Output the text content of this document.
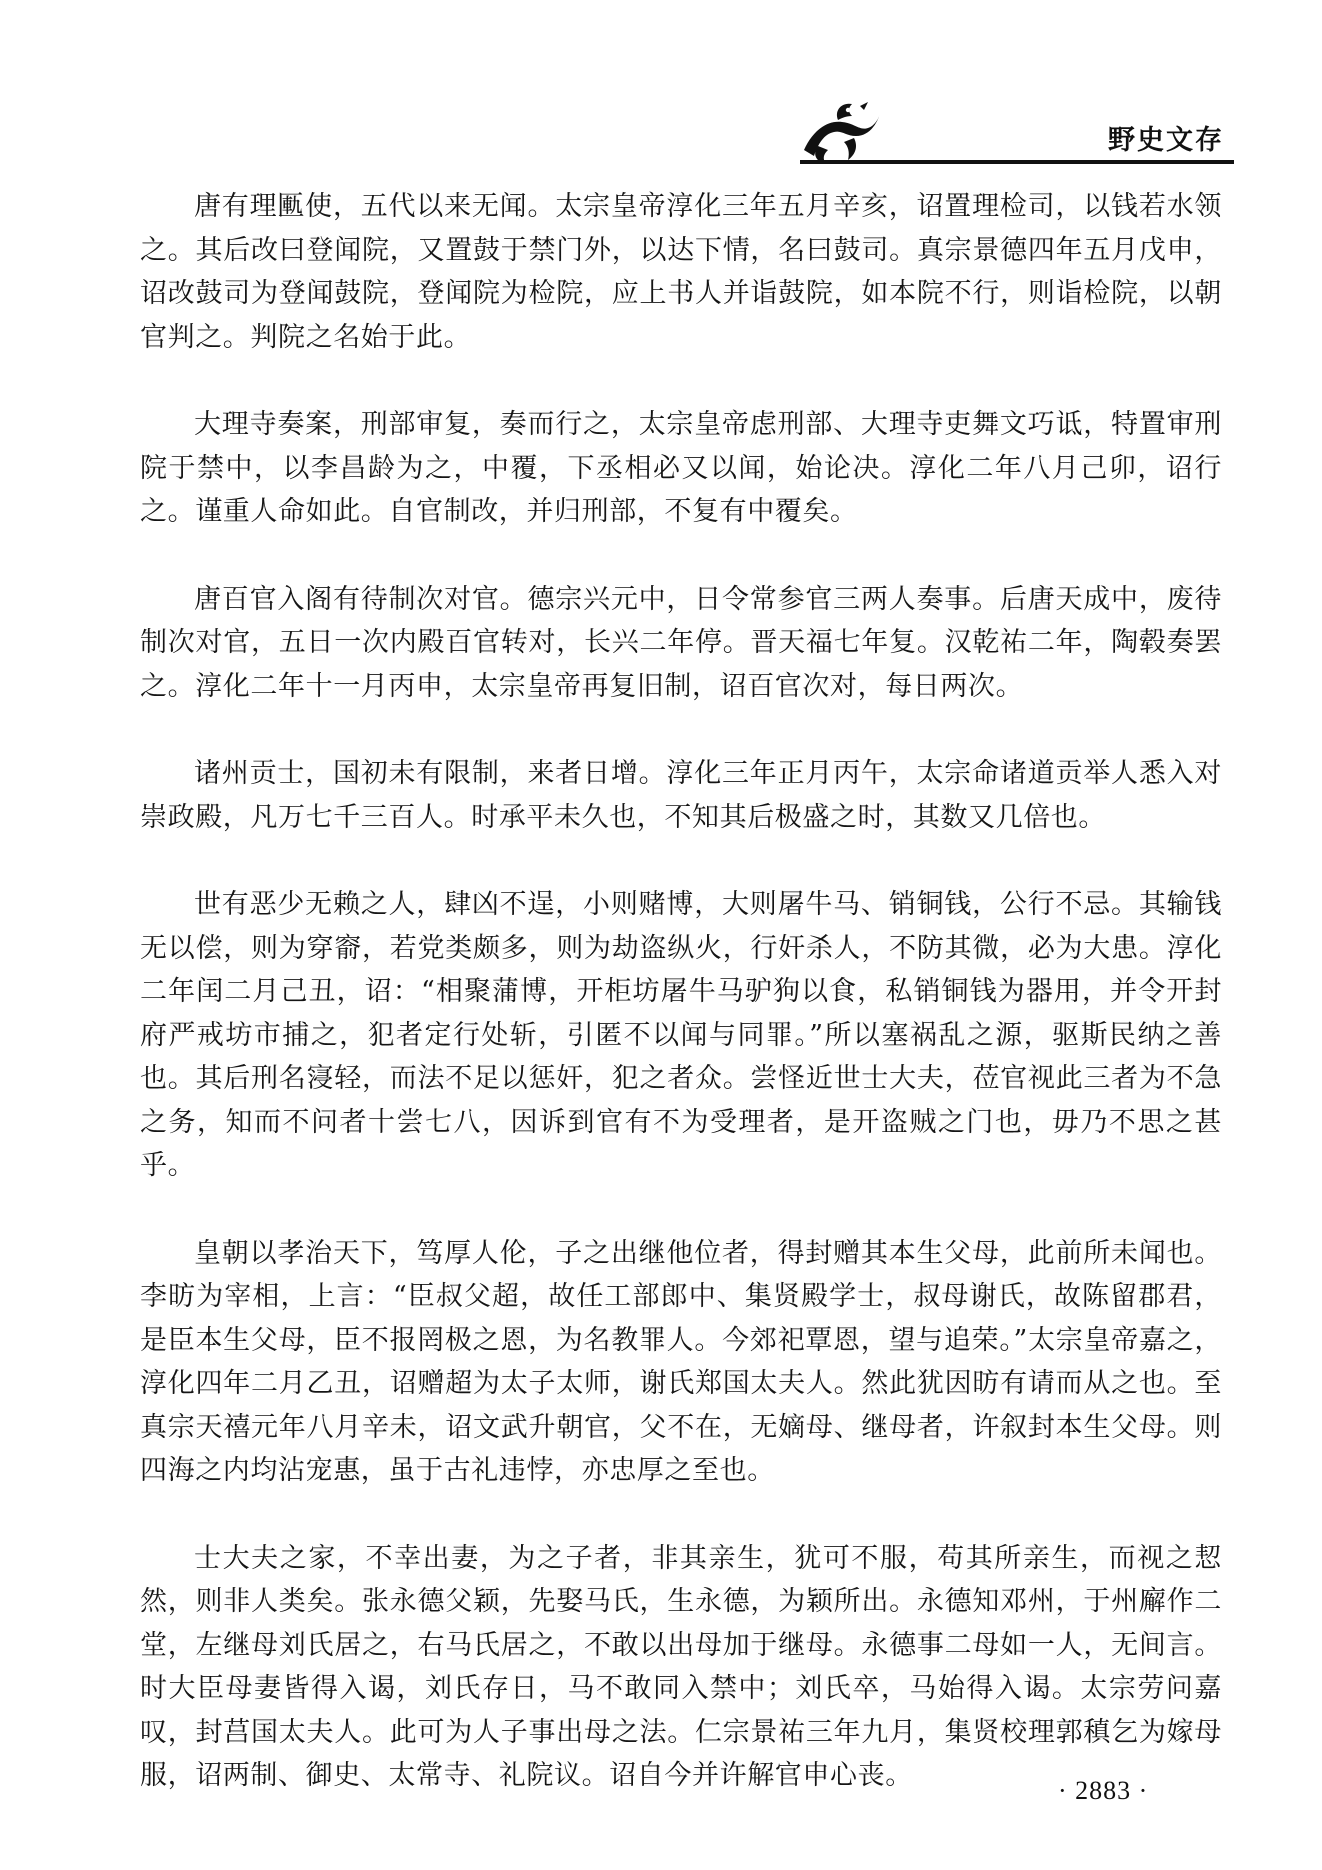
野史文存

唐有理匭使，五代以来无闻。太宗皇帝淳化三年五月辛亥，诏置理检司，以钱若水领之。其后改曰登闻院，又置鼓于禁门外，以达下情，名曰鼓司。真宗景德四年五月戊申，诏改鼓司为登闻鼓院，登闻院为检院，应上书人并诣鼓院，如本院不行，则诣检院，以朝官判之。判院之名始于此。

大理寺奏案，刑部审复，奏而行之，太宗皇帝虑刑部、大理寺吏舞文巧诋，特置审刑院于禁中，以李昌龄为之，中覆，下丞相必又以闻，始论决。淳化二年八月己卯，诏行之。谨重人命如此。自官制改，并归刑部，不复有中覆矣。

唐百官入阁有待制次对官。德宗兴元中，日令常参官三两人奏事。后唐天成中，废待制次对官，五日一次内殿百官转对，长兴二年停。晋天福七年复。汉乾祐二年，陶毂奏罢之。淳化二年十一月丙申，太宗皇帝再复旧制，诏百官次对，每日两次。

诸州贡士，国初未有限制，来者日增。淳化三年正月丙午，太宗命诸道贡举人悉入对崇政殿，凡万七千三百人。时承平未久也，不知其后极盛之时，其数又几倍也。

世有恶少无赖之人，肆凶不逞，小则赌博，大则屠牛马、销铜钱，公行不忌。其输钱无以偿，则为穿窬，若党类颇多，则为劫盗纵火，行奸杀人，不防其微，必为大患。淳化二年闰二月己丑，诏：“相聚蒲博，开柜坊屠牛马驴狗以食，私销铜钱为器用，并令开封府严戒坊市捕之，犯者定行处斩，引匿不以闻与同罪。”所以塞祸乱之源，驱斯民纳之善也。其后刑名寖轻，而法不足以惩奸，犯之者众。尝怪近世士大夫，莅官视此三者为不急之务，知而不问者十尝七八，因诉到官有不为受理者，是开盗贼之门也，毋乃不思之甚乎。

皇朝以孝治天下，笃厚人伦，子之出继他位者，得封赠其本生父母，此前所未闻也。李昉为宰相，上言：“臣叔父超，故任工部郎中、集贤殿学士，叔母谢氏，故陈留郡君，是臣本生父母，臣不报罔极之恩，为名教罪人。今郊祀覃恩，望与追荣。”太宗皇帝嘉之，淳化四年二月乙丑，诏赠超为太子太师，谢氏郑国太夫人。然此犹因昉有请而从之也。至真宗天禧元年八月辛未，诏文武升朝官，父不在，无嫡母、继母者，许叙封本生父母。则四海之内均沾宠惠，虽于古礼违悖，亦忠厚之至也。

士大夫之家，不幸出妻，为之子者，非其亲生，犹可不服，苟其所亲生，而视之恝然，则非人类矣。张永德父颖，先娶马氏，生永德，为颖所出。永德知邓州，于州廨作二堂，左继母刘氏居之，右马氏居之，不敢以出母加于继母。永德事二母如一人，无间言。时大臣母妻皆得入谒，刘氏存日，马不敢同入禁中；刘氏卒，马始得入谒。太宗劳问嘉叹，封莒国太夫人。此可为人子事出母之法。仁宗景祐三年九月，集贤校理郭稹乞为嫁母服，诏两制、御史、太常寺、礼院议。诏自今并许解官申心丧。	· 2883 ·
